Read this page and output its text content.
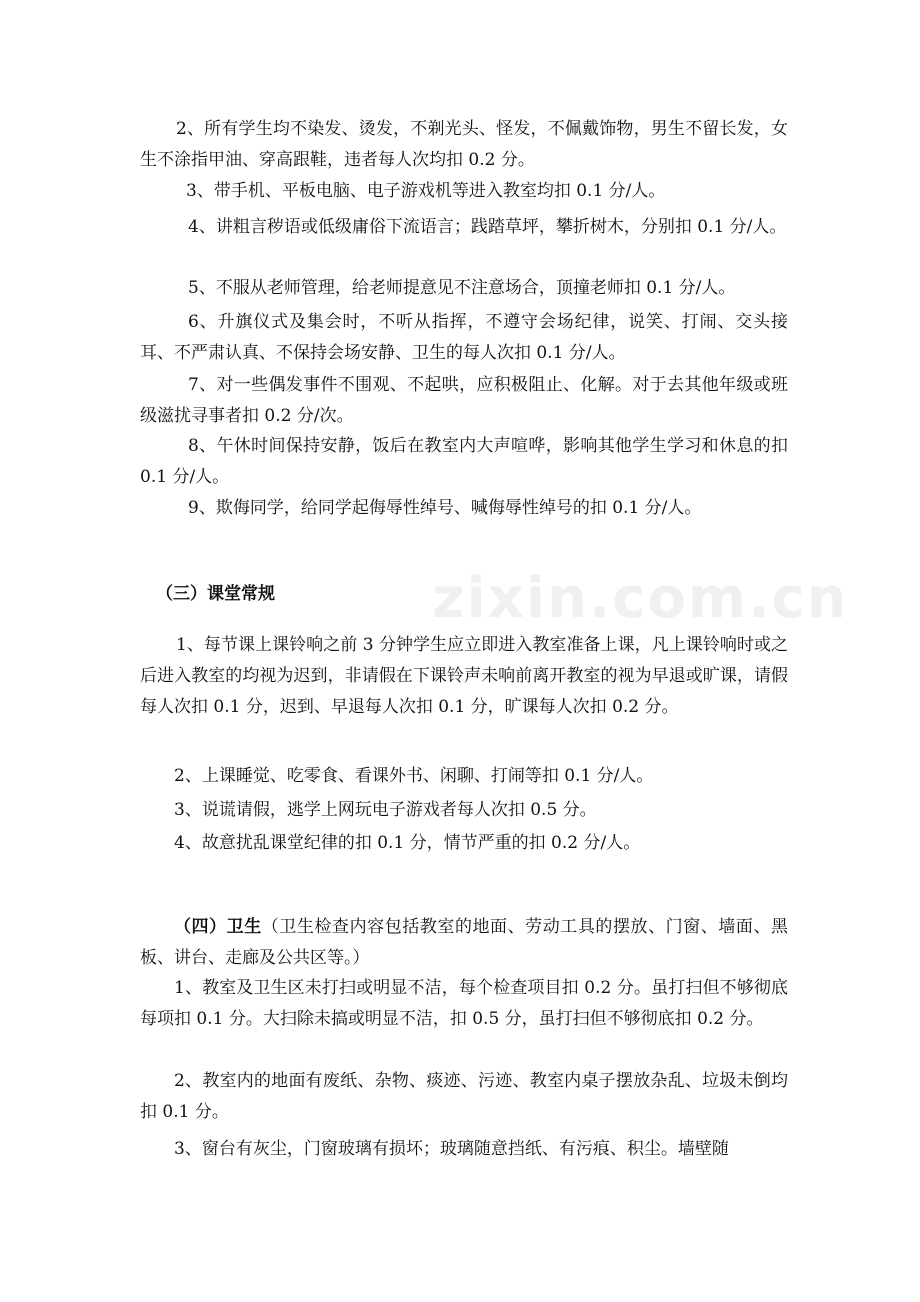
zixin.com.cn

2、所有学生均不染发、烫发，不剃光头、怪发，不佩戴饰物，男生不留长发，女生不涂指甲油、穿高跟鞋，违者每人次均扣 0.2 分。

3、带手机、平板电脑、电子游戏机等进入教室均扣 0.1 分/人。

4、讲粗言秽语或低级庸俗下流语言；践踏草坪，攀折树木，分别扣 0.1 分/人。

5、不服从老师管理，给老师提意见不注意场合，顶撞老师扣 0.1 分/人。

6、升旗仪式及集会时，不听从指挥，不遵守会场纪律，说笑、打闹、交头接耳、不严肃认真、不保持会场安静、卫生的每人次扣 0.1 分/人。

7、对一些偶发事件不围观、不起哄，应积极阻止、化解。对于去其他年级或班级滋扰寻事者扣 0.2 分/次。

8、午休时间保持安静，饭后在教室内大声喧哗，影响其他学生学习和休息的扣 0.1 分/人。

9、欺侮同学，给同学起侮辱性绰号、喊侮辱性绰号的扣 0.1 分/人。

（三）课堂常规

1、每节课上课铃响之前 3 分钟学生应立即进入教室准备上课，凡上课铃响时或之后进入教室的均视为迟到，非请假在下课铃声未响前离开教室的视为早退或旷课，请假每人次扣 0.1 分，迟到、早退每人次扣 0.1 分，旷课每人次扣 0.2 分。

2、上课睡觉、吃零食、看课外书、闲聊、打闹等扣 0.1 分/人。

3、说谎请假，逃学上网玩电子游戏者每人次扣 0.5 分。

4、故意扰乱课堂纪律的扣 0.1 分，情节严重的扣 0.2 分/人。

（四）卫生（卫生检查内容包括教室的地面、劳动工具的摆放、门窗、墙面、黑板、讲台、走廊及公共区等。）

1、教室及卫生区未打扫或明显不洁，每个检查项目扣 0.2 分。虽打扫但不够彻底每项扣 0.1 分。大扫除未搞或明显不洁，扣 0.5 分，虽打扫但不够彻底扣 0.2 分。

2、教室内的地面有废纸、杂物、痰迹、污迹、教室内桌子摆放杂乱、垃圾未倒均扣 0.1 分。

3、窗台有灰尘，门窗玻璃有损坏；玻璃随意挡纸、有污痕、积尘。墙壁随
